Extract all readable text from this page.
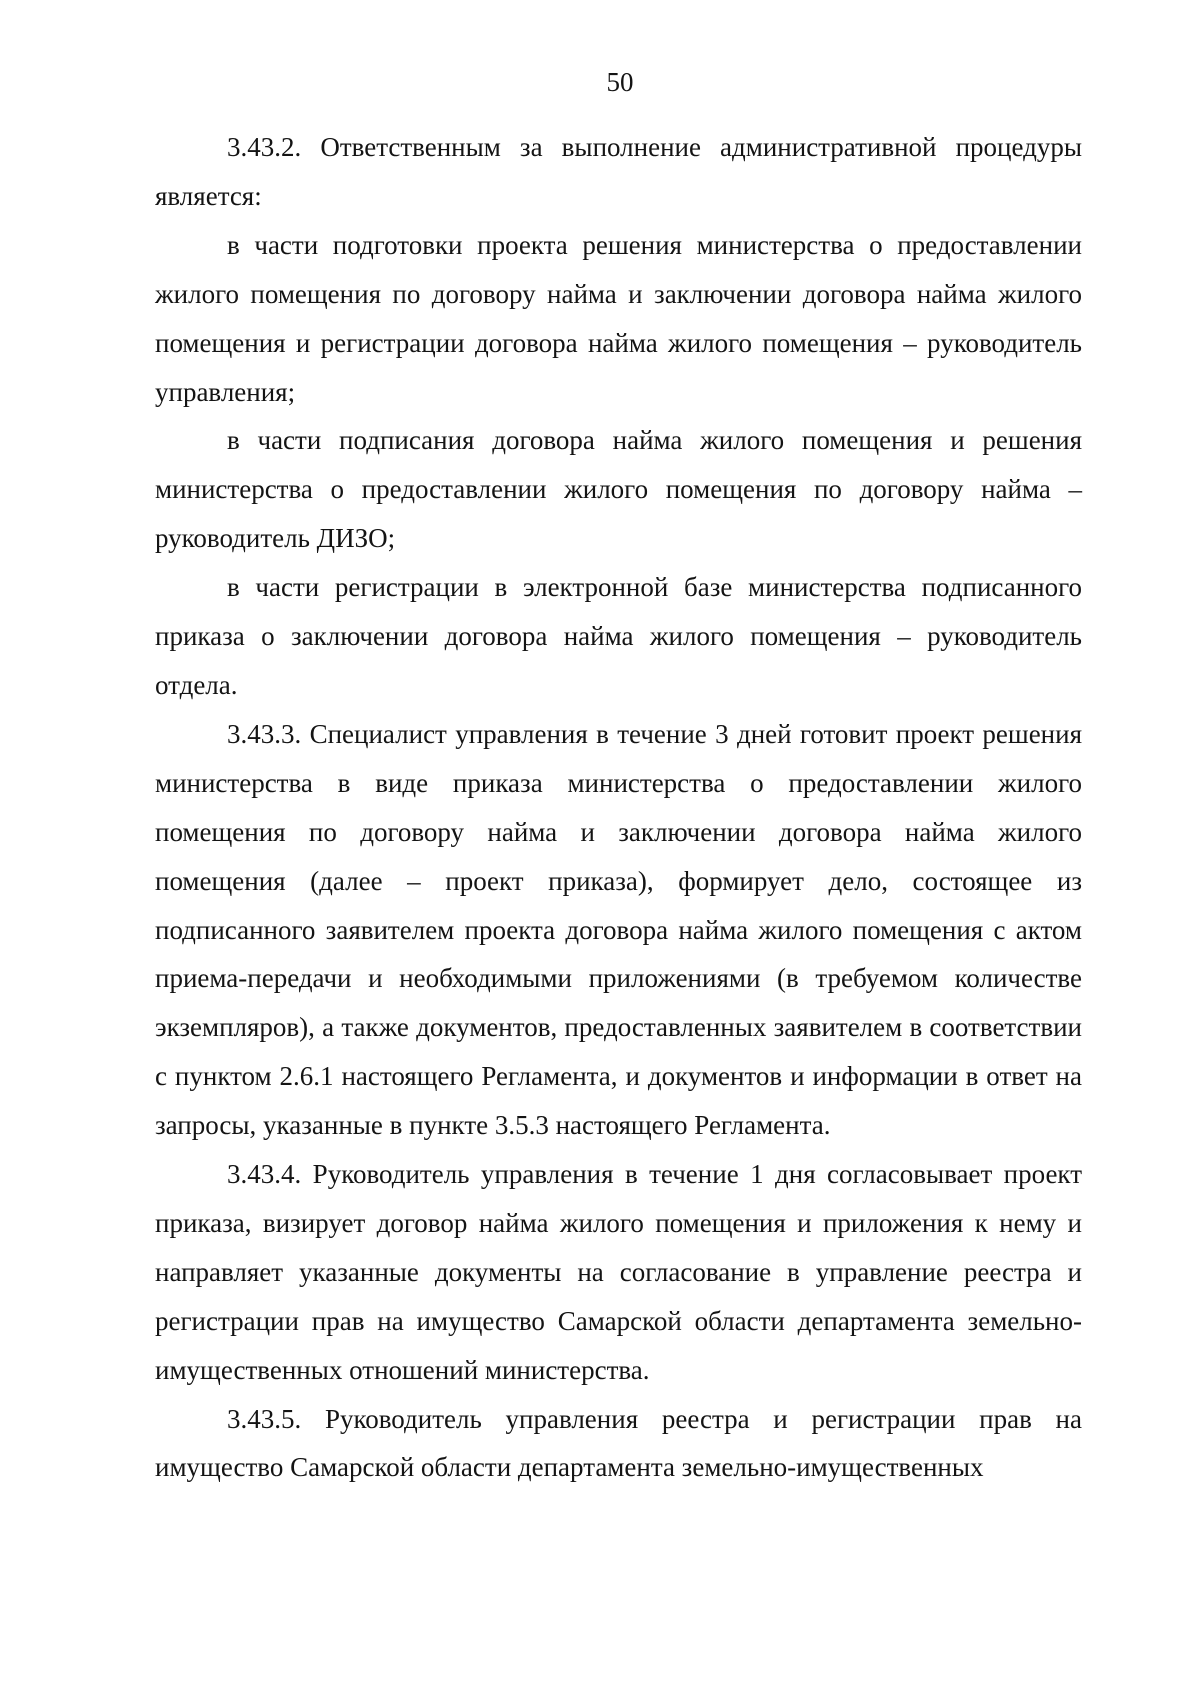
50

3.43.2. Ответственным за выполнение административной процедуры является:

в части подготовки проекта решения министерства о предоставлении жилого помещения по договору найма и заключении договора найма жилого помещения и регистрации договора найма жилого помещения – руководитель управления;

в части подписания договора найма жилого помещения и решения министерства о предоставлении жилого помещения по договору найма – руководитель ДИЗО;

в части регистрации в электронной базе министерства подписанного приказа о заключении договора найма жилого помещения – руководитель отдела.

3.43.3. Специалист управления в течение 3 дней готовит проект решения министерства в виде приказа министерства о предоставлении жилого помещения по договору найма и заключении договора найма жилого помещения (далее – проект приказа), формирует дело, состоящее из подписанного заявителем проекта договора найма жилого помещения с актом приема-передачи и необходимыми приложениями (в требуемом количестве экземпляров), а также документов, предоставленных заявителем в соответствии с пунктом 2.6.1 настоящего Регламента, и документов и информации в ответ на запросы, указанные в пункте 3.5.3 настоящего Регламента.

3.43.4. Руководитель управления в течение 1 дня согласовывает проект приказа, визирует договор найма жилого помещения и приложения к нему и направляет указанные документы на согласование в управление реестра и регистрации прав на имущество Самарской области департамента земельно-имущественных отношений министерства.

3.43.5. Руководитель управления реестра и регистрации прав на имущество Самарской области департамента земельно-имущественных
